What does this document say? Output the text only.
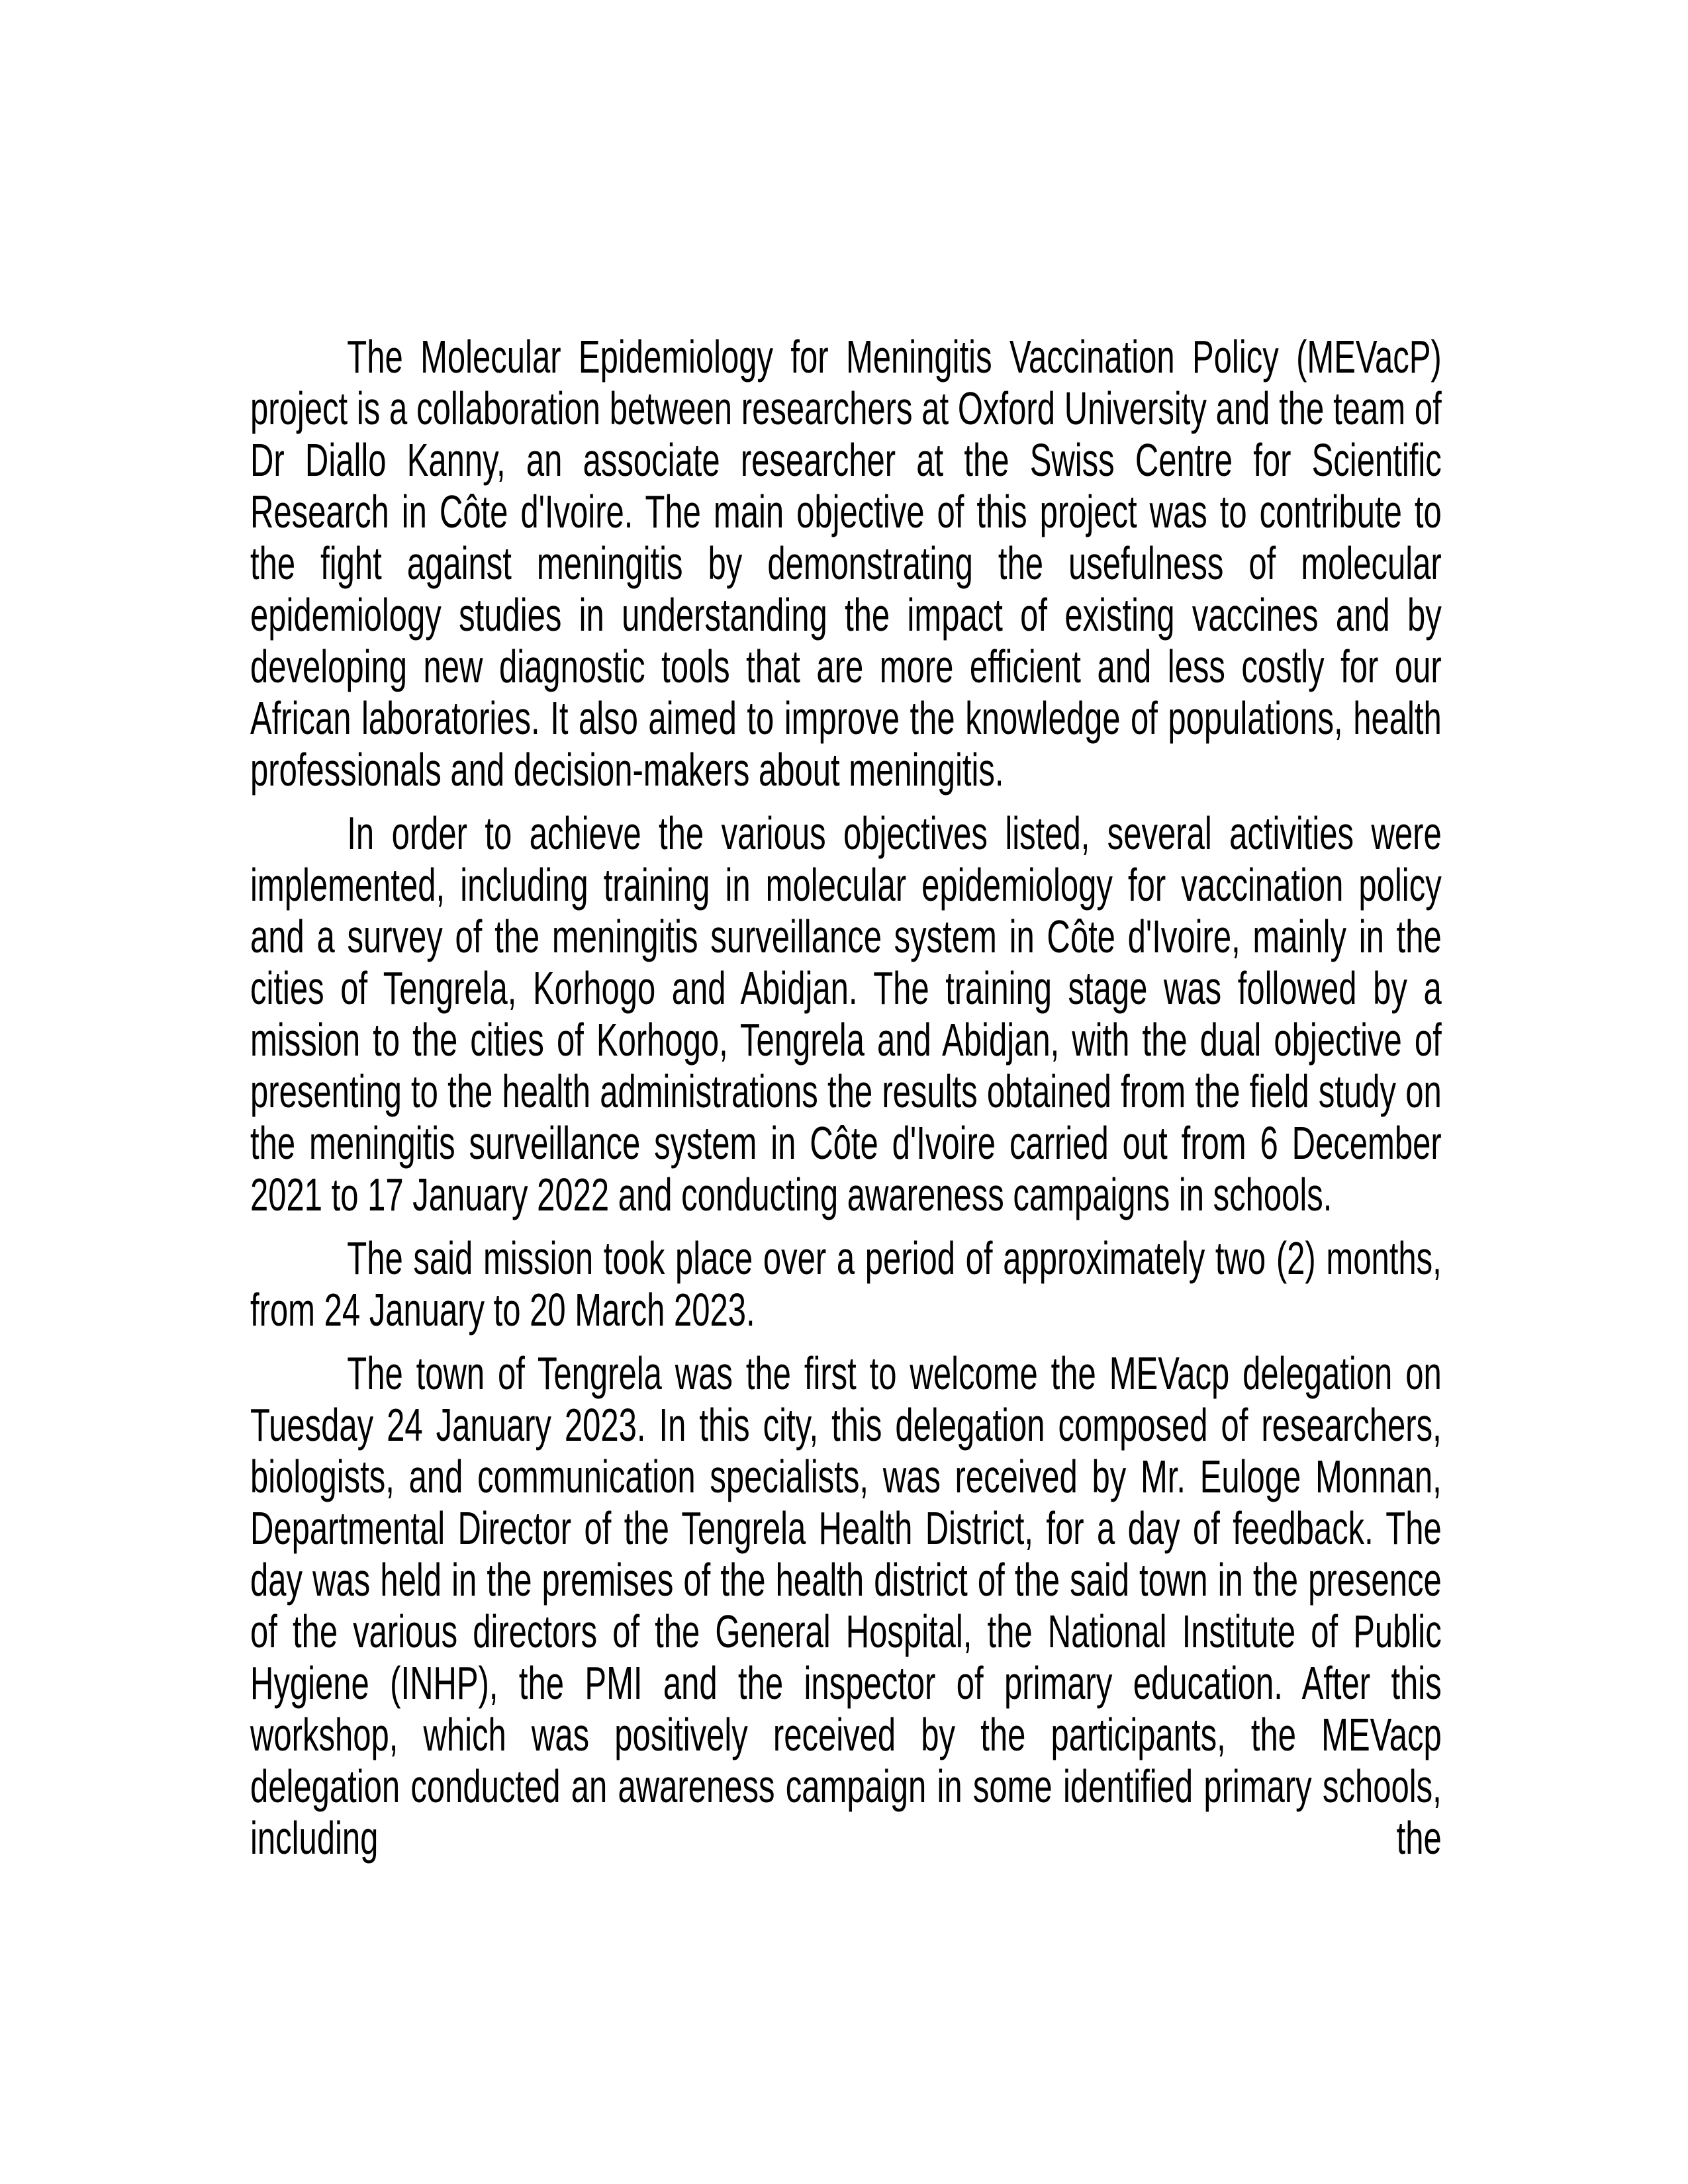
The Molecular Epidemiology for Meningitis Vaccination Policy (MEVacP) project is a collaboration between researchers at Oxford University and the team of Dr Diallo Kanny, an associate researcher at the Swiss Centre for Scientific Research in Côte d'Ivoire. The main objective of this project was to contribute to the fight against meningitis by demonstrating the usefulness of molecular epidemiology studies in understanding the impact of existing vaccines and by developing new diagnostic tools that are more efficient and less costly for our African laboratories. It also aimed to improve the knowledge of populations, health professionals and decision-makers about meningitis.

In order to achieve the various objectives listed, several activities were implemented, including training in molecular epidemiology for vaccination policy and a survey of the meningitis surveillance system in Côte d'Ivoire, mainly in the cities of Tengrela, Korhogo and Abidjan. The training stage was followed by a mission to the cities of Korhogo, Tengrela and Abidjan, with the dual objective of presenting to the health administrations the results obtained from the field study on the meningitis surveillance system in Côte d'Ivoire carried out from 6 December 2021 to 17 January 2022 and conducting awareness campaigns in schools.

The said mission took place over a period of approximately two (2) months, from 24 January to 20 March 2023.

The town of Tengrela was the first to welcome the MEVacp delegation on Tuesday 24 January 2023. In this city, this delegation composed of researchers, biologists, and communication specialists, was received by Mr. Euloge Monnan, Departmental Director of the Tengrela Health District, for a day of feedback. The day was held in the premises of the health district of the said town in the presence of the various directors of the General Hospital, the National Institute of Public Hygiene (INHP), the PMI and the inspector of primary education. After this workshop, which was positively received by the participants, the MEVacp delegation conducted an awareness campaign in some identified primary schools, including the
